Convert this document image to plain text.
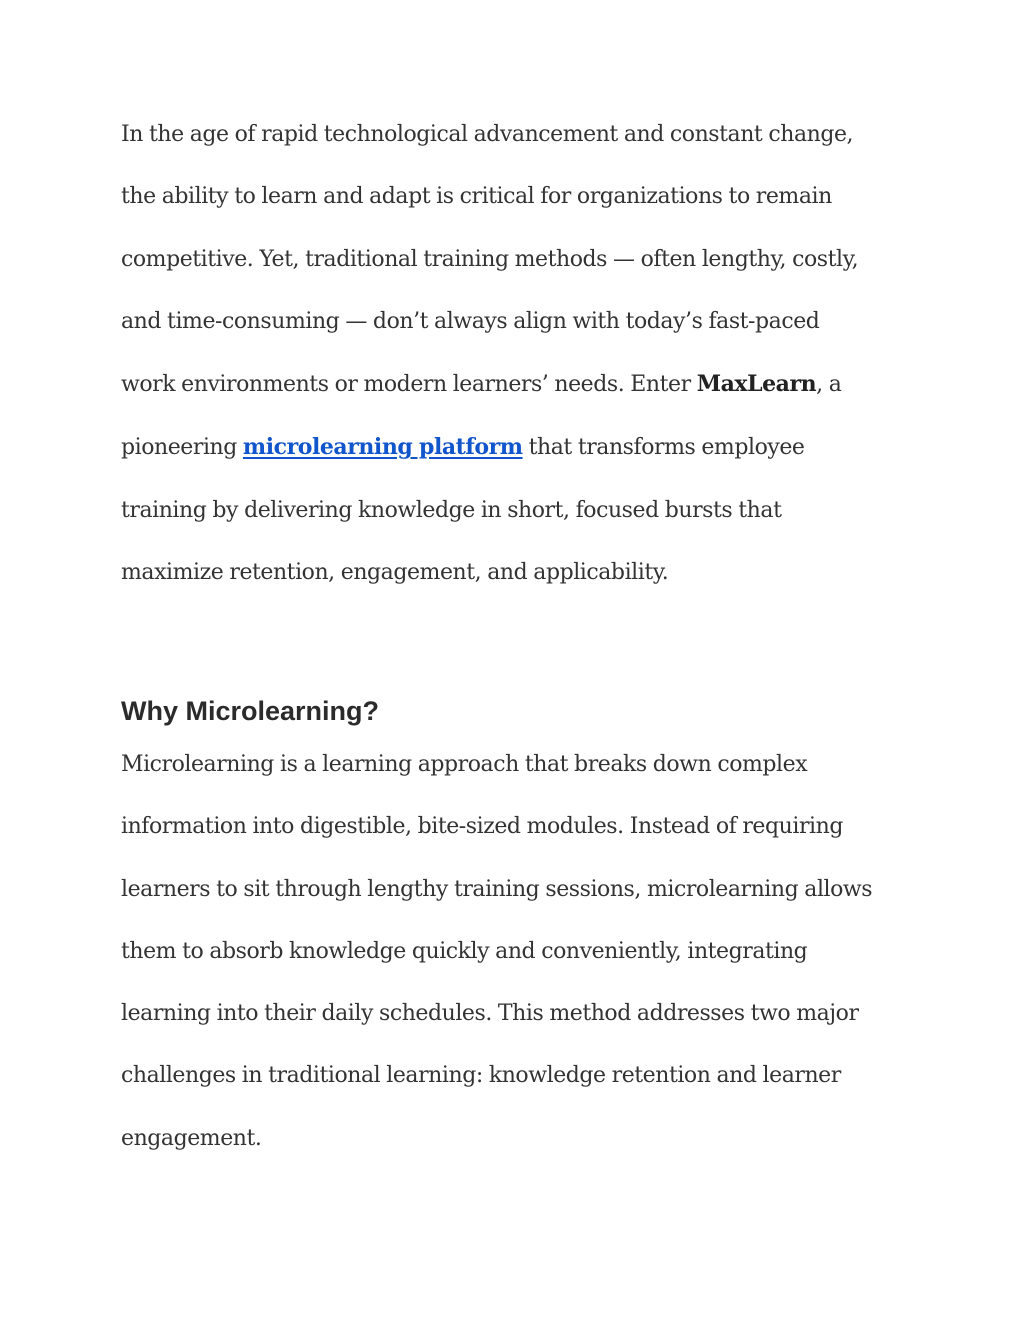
In the age of rapid technological advancement and constant change,
the ability to learn and adapt is critical for organizations to remain
competitive. Yet, traditional training methods — often lengthy, costly,
and time-consuming — don’t always align with today’s fast-paced
work environments or modern learners’ needs. Enter MaxLearn, a
pioneering microlearning platform that transforms employee
training by delivering knowledge in short, focused bursts that
maximize retention, engagement, and applicability.

Why Microlearning?

Microlearning is a learning approach that breaks down complex
information into digestible, bite-sized modules. Instead of requiring
learners to sit through lengthy training sessions, microlearning allows
them to absorb knowledge quickly and conveniently, integrating
learning into their daily schedules. This method addresses two major
challenges in traditional learning: knowledge retention and learner
engagement.
